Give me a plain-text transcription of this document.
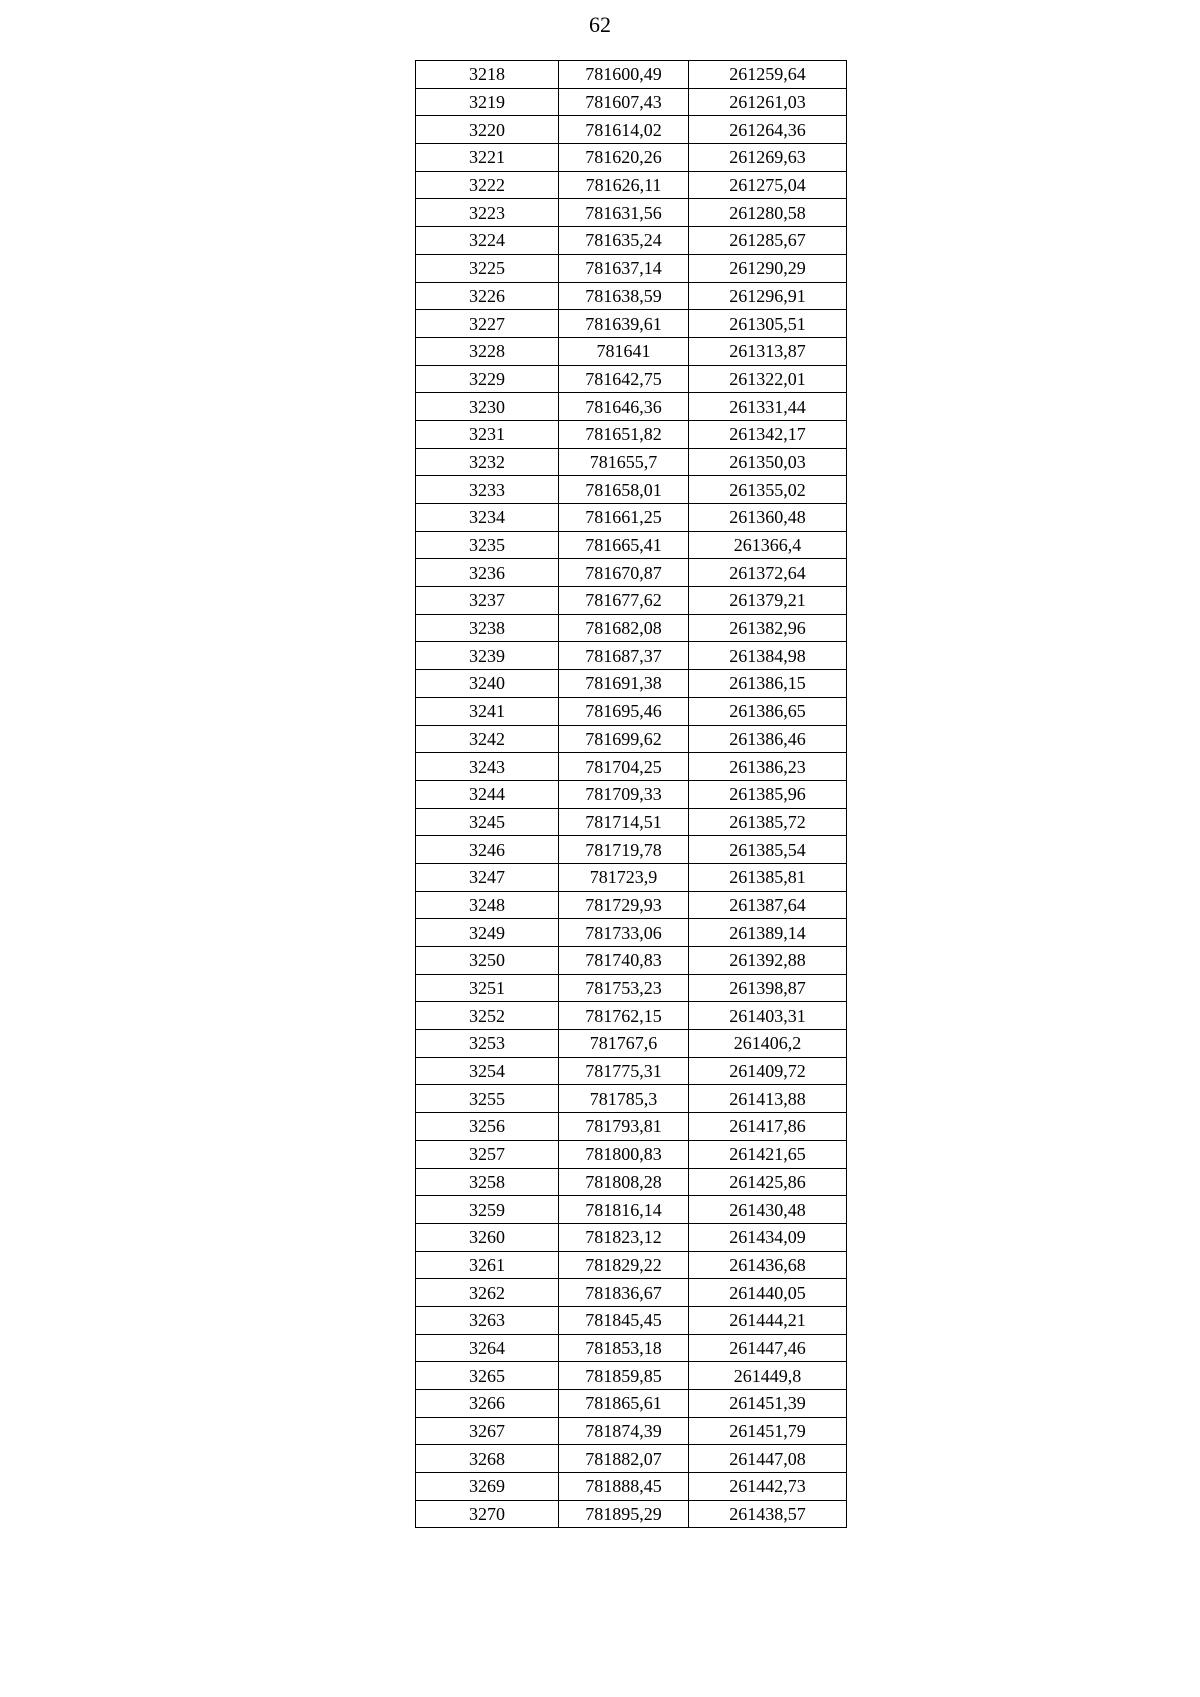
62
3218	781600,49	261259,64
3219	781607,43	261261,03
3220	781614,02	261264,36
3221	781620,26	261269,63
3222	781626,11	261275,04
3223	781631,56	261280,58
3224	781635,24	261285,67
3225	781637,14	261290,29
3226	781638,59	261296,91
3227	781639,61	261305,51
3228	781641	261313,87
3229	781642,75	261322,01
3230	781646,36	261331,44
3231	781651,82	261342,17
3232	781655,7	261350,03
3233	781658,01	261355,02
3234	781661,25	261360,48
3235	781665,41	261366,4
3236	781670,87	261372,64
3237	781677,62	261379,21
3238	781682,08	261382,96
3239	781687,37	261384,98
3240	781691,38	261386,15
3241	781695,46	261386,65
3242	781699,62	261386,46
3243	781704,25	261386,23
3244	781709,33	261385,96
3245	781714,51	261385,72
3246	781719,78	261385,54
3247	781723,9	261385,81
3248	781729,93	261387,64
3249	781733,06	261389,14
3250	781740,83	261392,88
3251	781753,23	261398,87
3252	781762,15	261403,31
3253	781767,6	261406,2
3254	781775,31	261409,72
3255	781785,3	261413,88
3256	781793,81	261417,86
3257	781800,83	261421,65
3258	781808,28	261425,86
3259	781816,14	261430,48
3260	781823,12	261434,09
3261	781829,22	261436,68
3262	781836,67	261440,05
3263	781845,45	261444,21
3264	781853,18	261447,46
3265	781859,85	261449,8
3266	781865,61	261451,39
3267	781874,39	261451,79
3268	781882,07	261447,08
3269	781888,45	261442,73
3270	781895,29	261438,57
